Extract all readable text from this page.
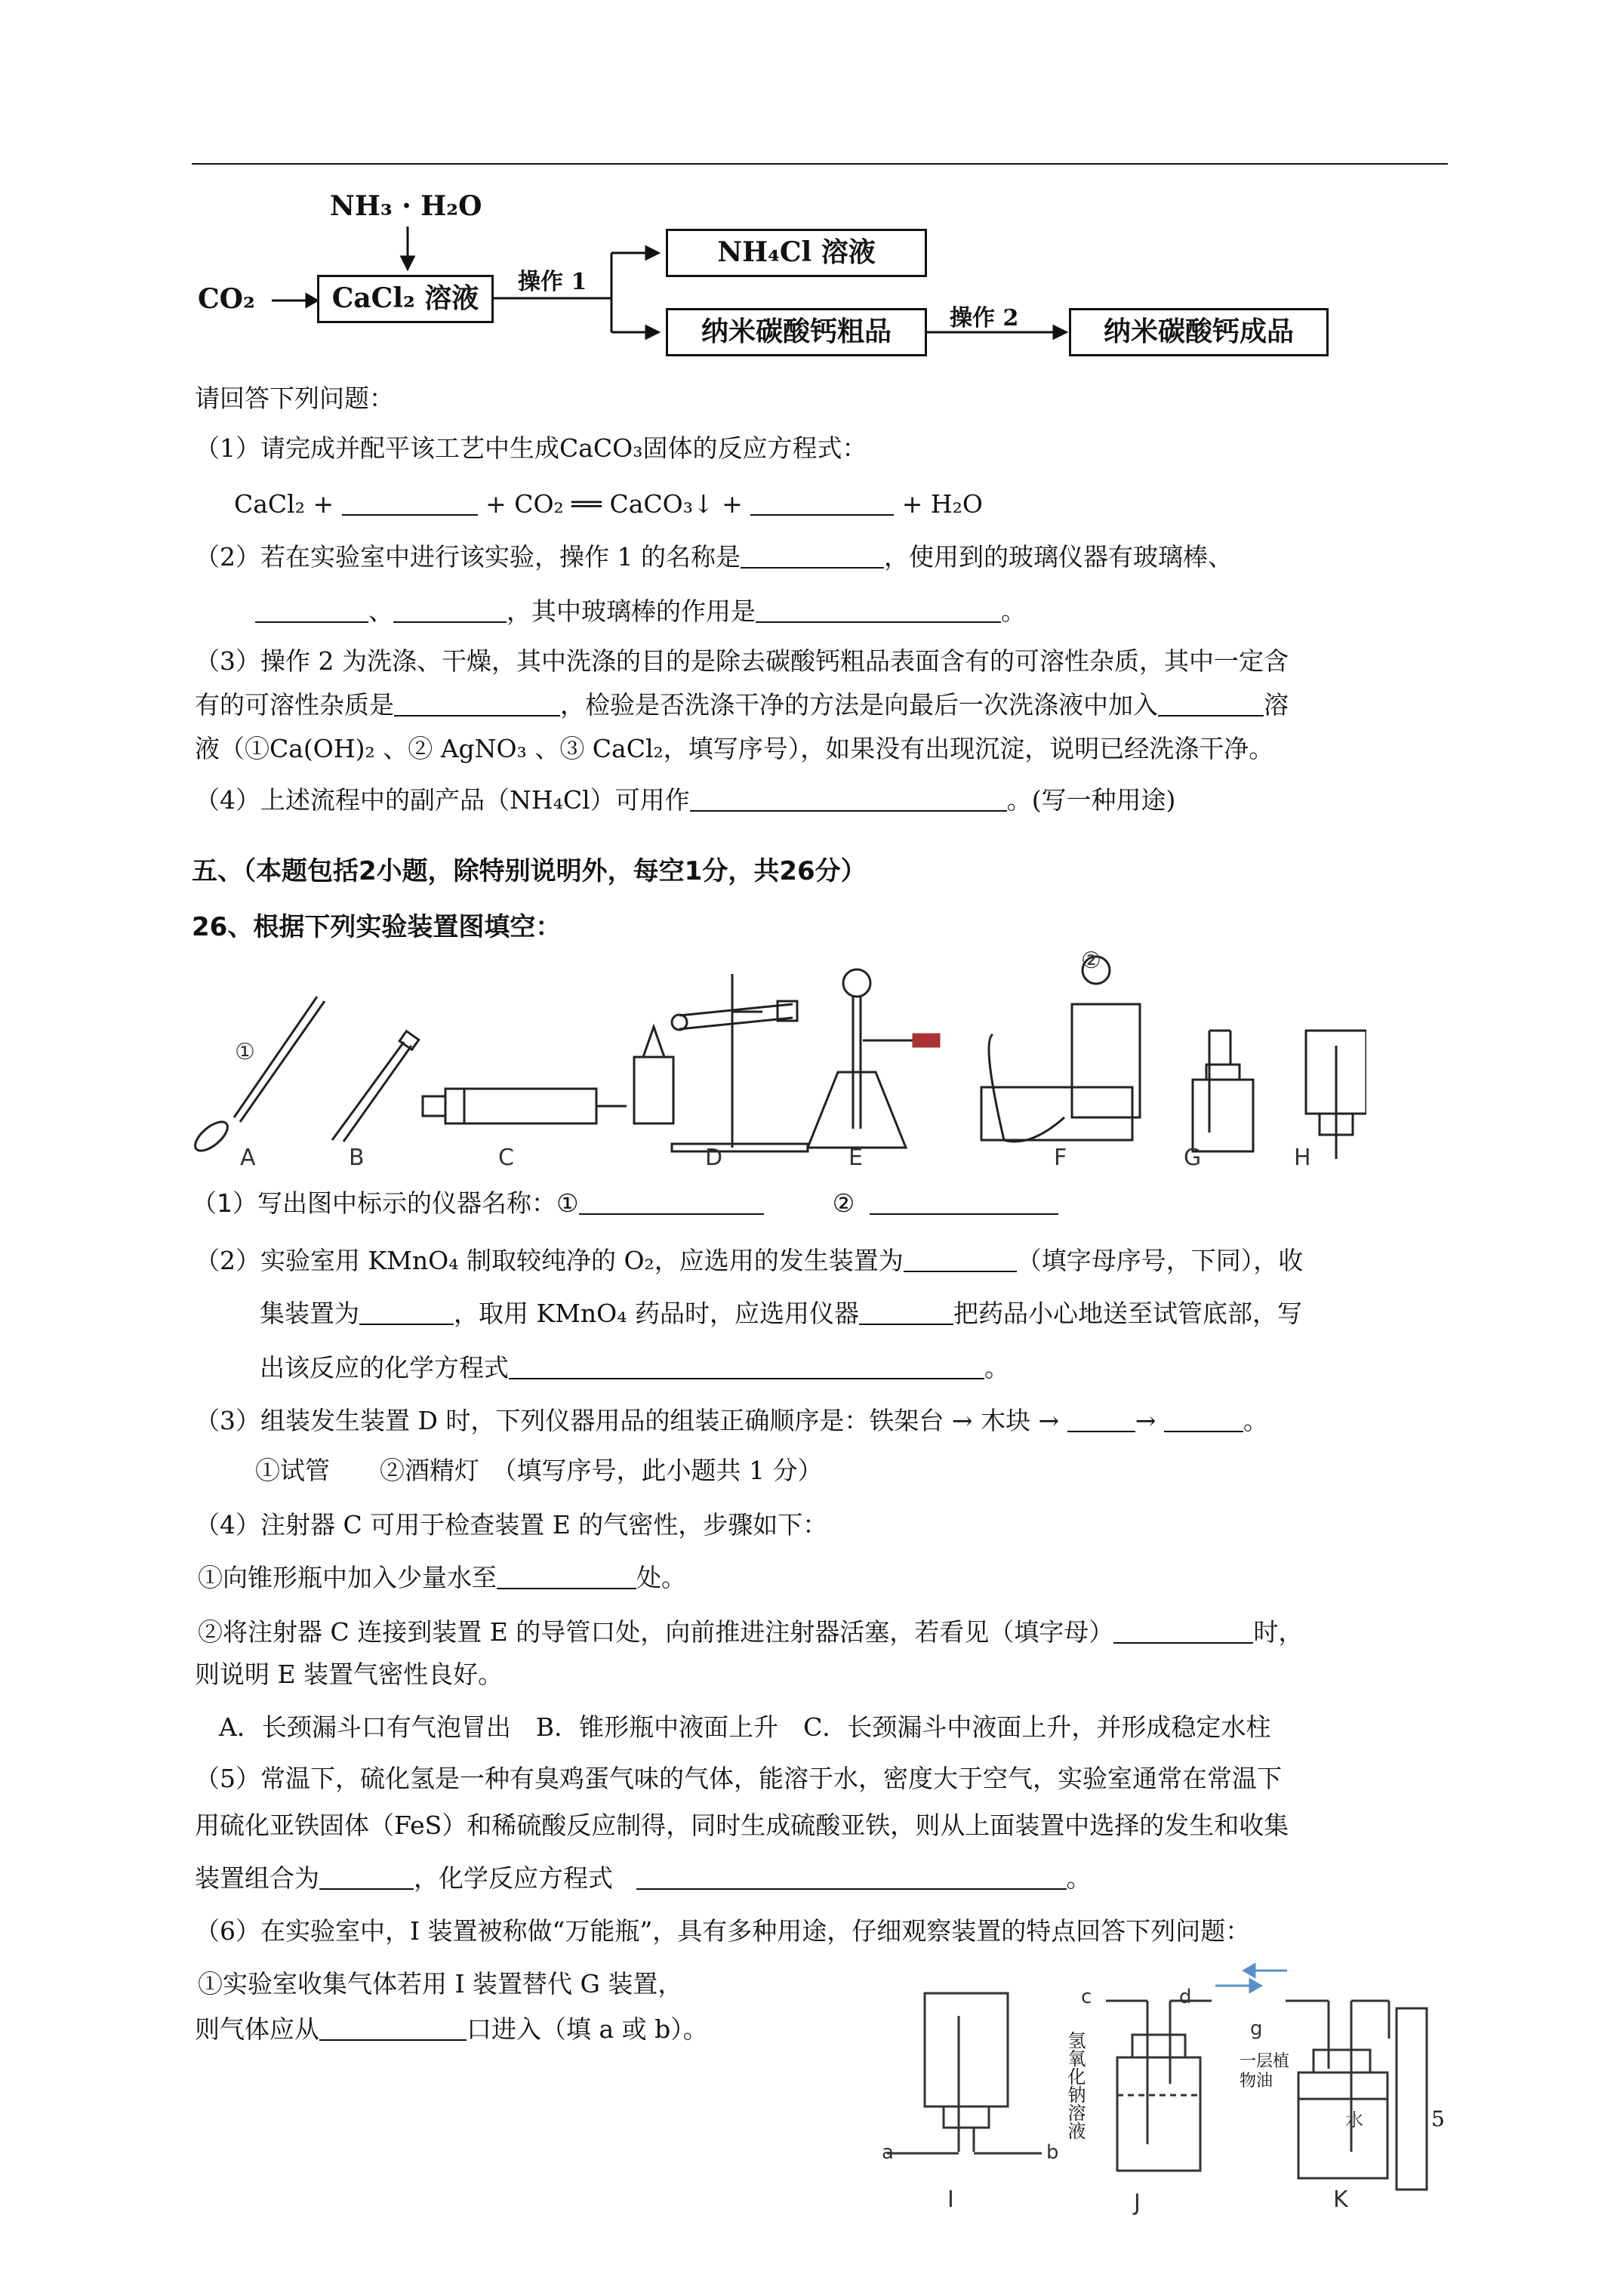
NH₃ · H₂O
CO₂	CaCl₂ 溶液
操作 1
NH₄Cl 溶液
纳米碳酸钙粗品	操作 2	纳米碳酸钙成品
请回答下列问题：
（1）请完成并配平该工艺中生成CaCO₃固体的反应方程式：
CaCl₂ +	+ CO₂ ══ CaCO₃↓ +	+ H₂O
（2）若在实验室中进行该实验，操作 1 的名称是	，使用到的玻璃仪器有玻璃棒、
、	，其中玻璃棒的作用是	。
（3）操作 2 为洗涤、干燥，其中洗涤的目的是除去碳酸钙粗品表面含有的可溶性杂质，其中一定含
有的可溶性杂质是	，检验是否洗涤干净的方法是向最后一次洗涤液中加入	溶
液（①Ca(OH)₂ 、② AgNO₃ 、③ CaCl₂，填写序号），如果没有出现沉淀，说明已经洗涤干净。
（4）上述流程中的副产品（NH₄Cl）可用作	。(写一种用途)
五、（本题包括2小题，除特别说明外，每空1分，共26分）
26、根据下列实验装置图填空：
①
②
A	B	C	D	E	F	G	H
（1）写出图中标示的仪器名称：①	②
（2）实验室用 KMnO₄ 制取较纯净的 O₂，应选用的发生装置为	（填字母序号，下同），收
集装置为	，取用 KMnO₄ 药品时，应选用仪器	把药品小心地送至试管底部，写
出该反应的化学方程式	。
（3）组装发生装置 D 时，下列仪器用品的组装正确顺序是：铁架台 → 木块 →	→	。
①试管　　②酒精灯　（填写序号，此小题共 1 分）
（4）注射器 C 可用于检查装置 E 的气密性，步骤如下：
①向锥形瓶中加入少量水至	处。
②将注射器 C 连接到装置 E 的导管口处，向前推进注射器活塞，若看见（填字母）	时，
则说明 E 装置气密性良好。
A．长颈漏斗口有气泡冒出　B．锥形瓶中液面上升　C．长颈漏斗中液面上升，并形成稳定水柱
（5）常温下，硫化氢是一种有臭鸡蛋气味的气体，能溶于水，密度大于空气，实验室通常在常温下
用硫化亚铁固体（FeS）和稀硫酸反应制得，同时生成硫酸亚铁，则从上面装置中选择的发生和收集
装置组合为	，化学反应方程式	。
（6）在实验室中，I 装置被称做“万能瓶”，具有多种用途，仔细观察装置的特点回答下列问题：
①实验室收集气体若用 I 装置替代 G 装置，
则气体应从	口进入（填 a 或 b）。
a	b
c	d
g
氢氧化钠溶液	一层植物油
水
I	J	K
5
